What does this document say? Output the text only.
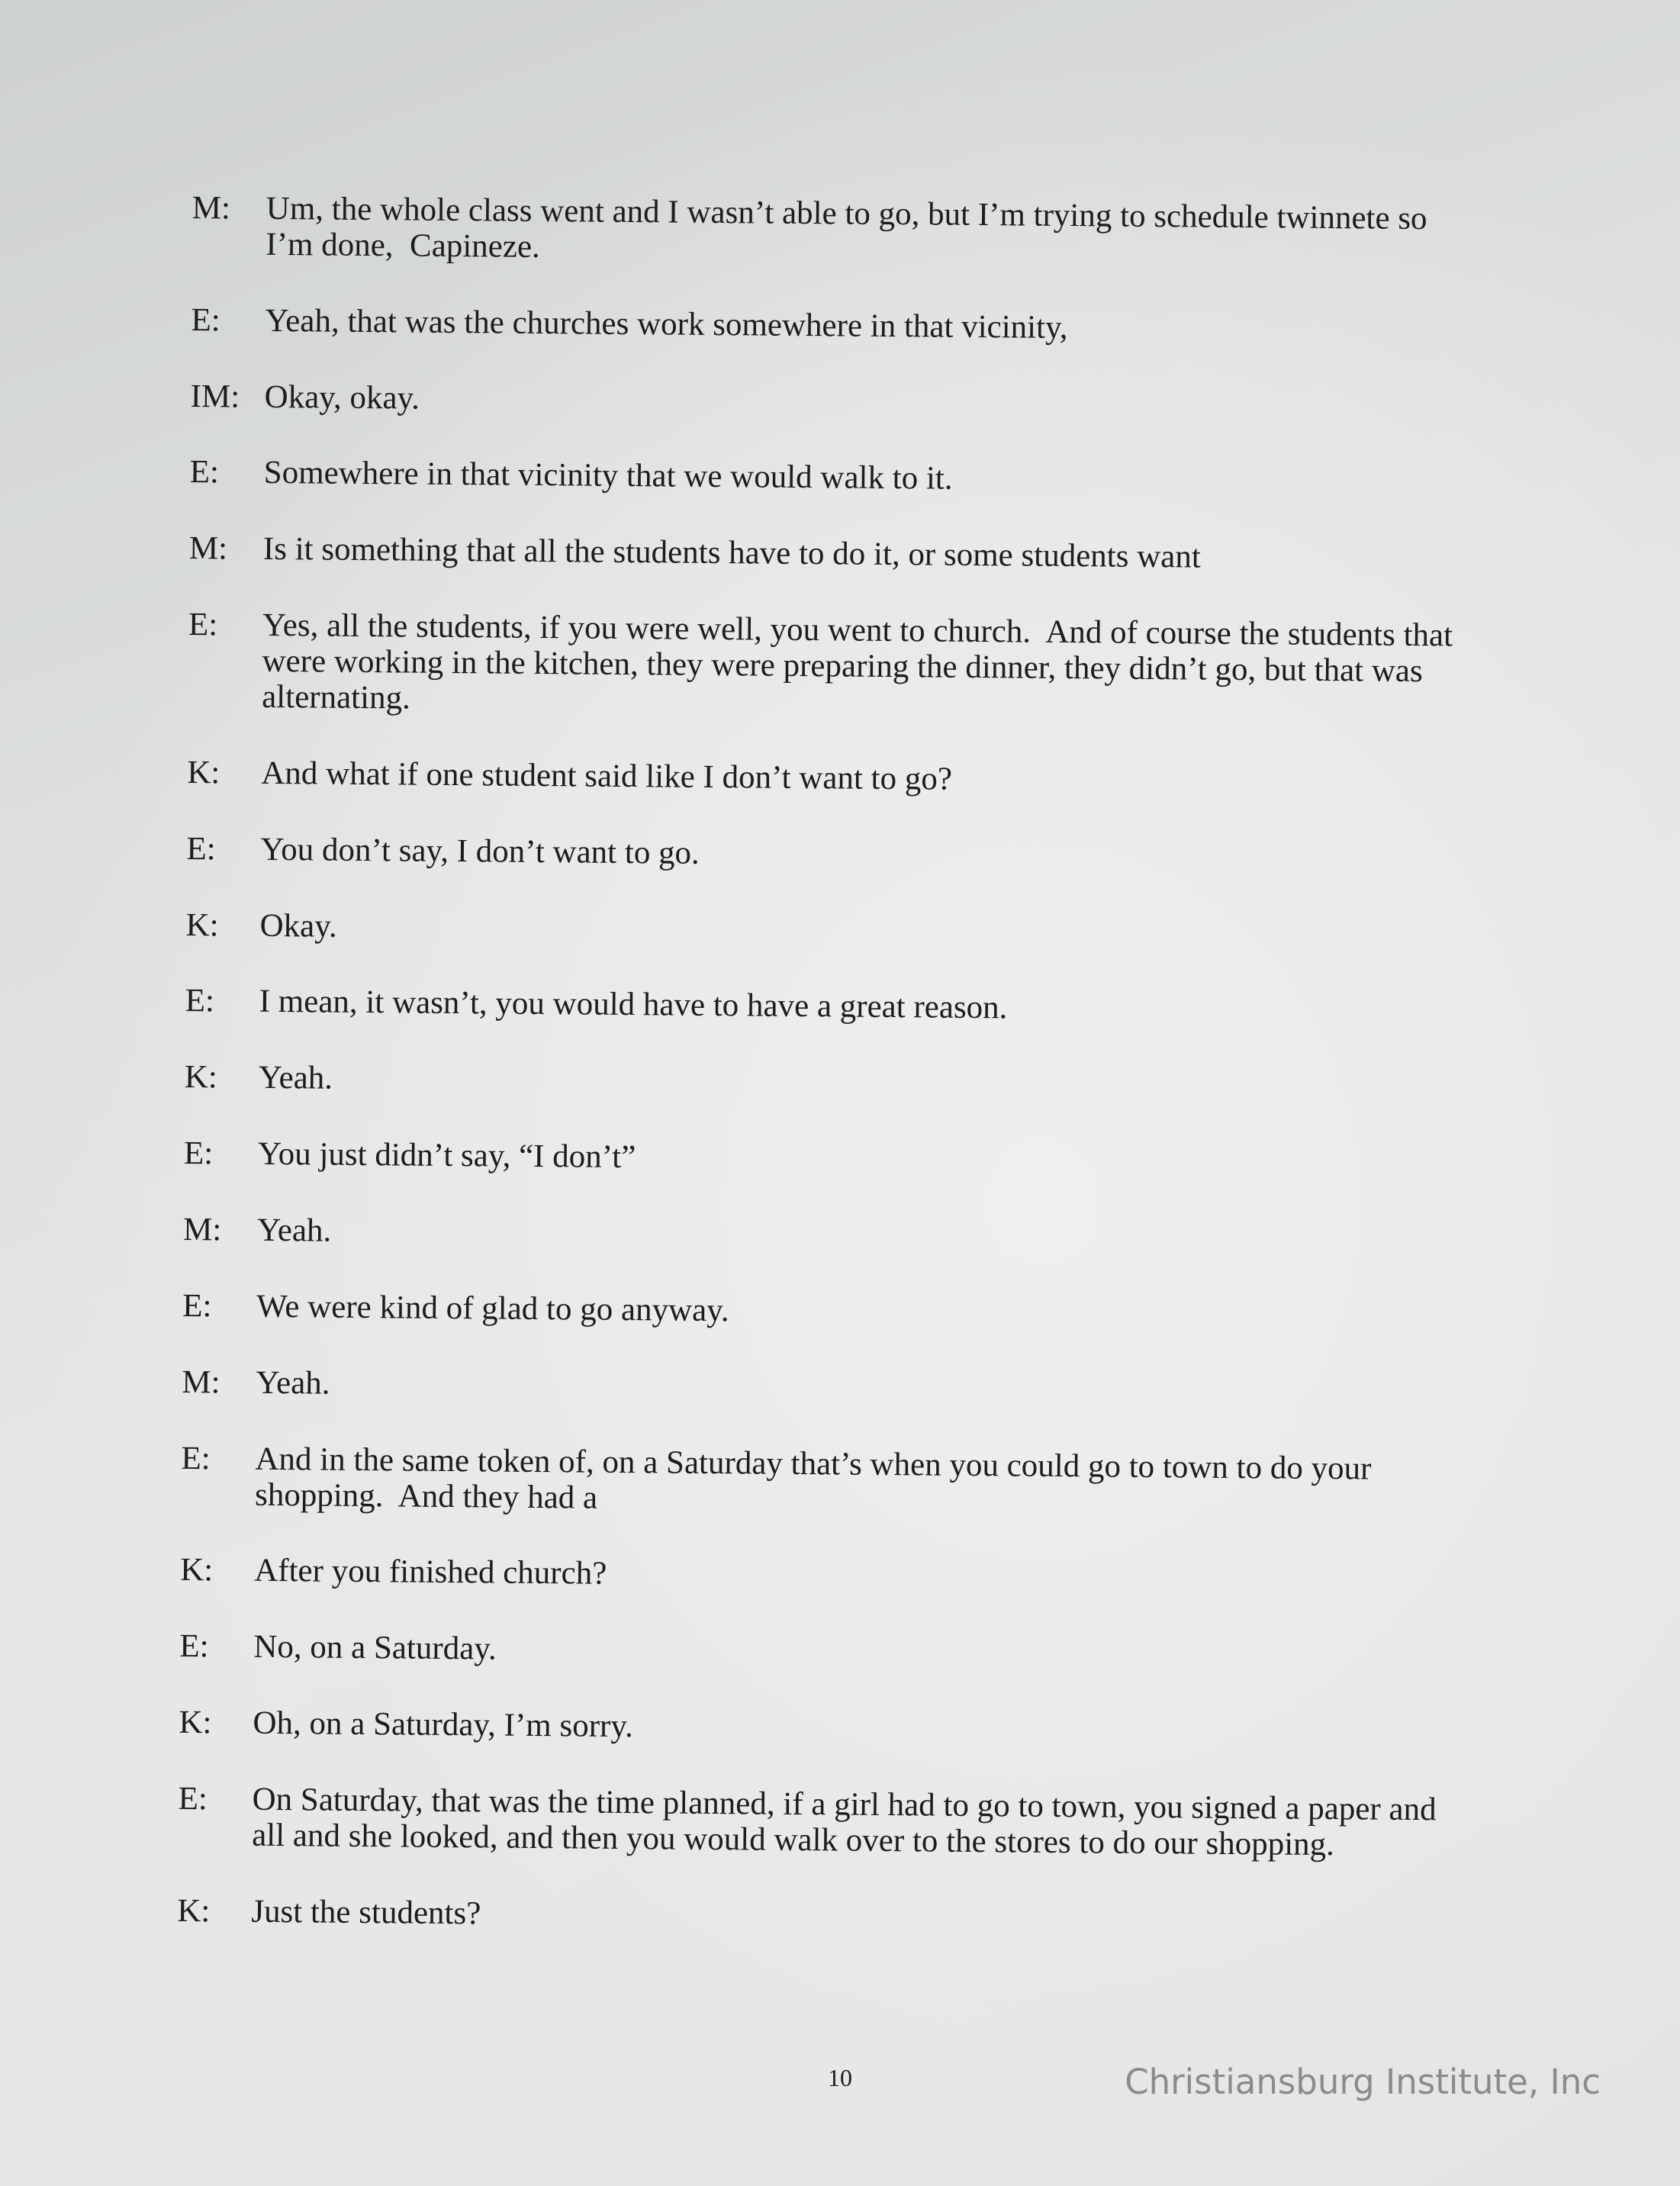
M:	Um, the whole class went and I wasn’t able to go, but I’m trying to schedule twinnete so
I’m done,  Capineze.
E:	Yeah, that was the churches work somewhere in that vicinity,
IM: Okay, okay.
E:	Somewhere in that vicinity that we would walk to it.
M:	Is it something that all the students have to do it, or some students want
E:	Yes, all the students, if you were well, you went to church.  And of course the students that
were working in the kitchen, they were preparing the dinner, they didn’t go, but that was
alternating.
K:	And what if one student said like I don’t want to go?
E:	You don’t say, I don’t want to go.
K:	Okay.
E:	I mean, it wasn’t, you would have to have a great reason.
K:	Yeah.
E:	You just didn’t say, “I don’t”
M:	Yeah.
E:	We were kind of glad to go anyway.
M:	Yeah.
E:	And in the same token of, on a Saturday that’s when you could go to town to do your
shopping.  And they had a
K:	After you finished church?
E:	No, on a Saturday.
K:	Oh, on a Saturday, I’m sorry.
E:	On Saturday, that was the time planned, if a girl had to go to town, you signed a paper and
all and she looked, and then you would walk over to the stores to do our shopping.
K:	Just the students?
10	Christiansburg Institute, Inc
